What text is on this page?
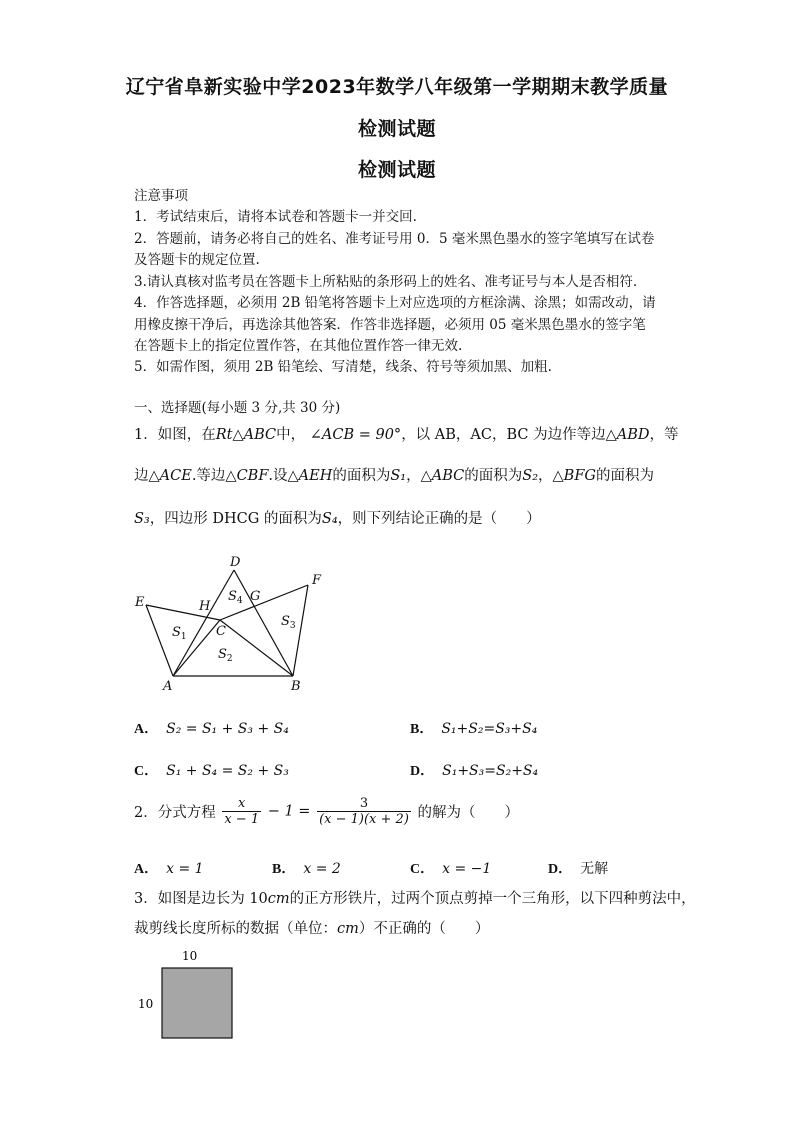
辽宁省阜新实验中学2023年数学八年级第一学期期末教学质量
检测试题
检测试题
注意事项
1．考试结束后，请将本试卷和答题卡一并交回.
2．答题前，请务必将自己的姓名、准考证号用 0．5 毫米黑色墨水的签字笔填写在试卷
及答题卡的规定位置.
3.请认真核对监考员在答题卡上所粘贴的条形码上的姓名、准考证号与本人是否相符.
4．作答选择题，必须用 2B 铅笔将答题卡上对应选项的方框涂满、涂黑；如需改动，请
用橡皮擦干净后，再选涂其他答案．作答非选择题，必须用 05 毫米黑色墨水的签字笔
在答题卡上的指定位置作答，在其他位置作答一律无效.
5．如需作图，须用 2B 铅笔绘、写清楚，线条、符号等须加黑、加粗.
一、选择题(每小题 3 分,共 30 分)
1．如图，在Rt△ABC中， ∠ACB = 90°，以 AB，AC，BC 为边作等边△ABD，等
边△ACE.等边△CBF.设△AEH的面积为S₁，△ABC的面积为S₂，△BFG的面积为
S₃，四边形 DHCG 的面积为S₄，则下列结论正确的是（　　）
D
E
F
H
G
C
A	B
$S_1$
$S_2$
$S_3$
$S_4$
A． S₂ = S₁ + S₃ + S₄	B． S₁+S₂=S₃+S₄
C． S₁ + S₄ = S₂ + S₃	D． S₁+S₃=S₂+S₄
2．分式方程 $\frac{x}{x - 1} - 1 = \frac{3}{(x - 1)(x + 2)}$ 的解为（　　）
A． x = 1	B． x = 2	C． x = −1	D． 无解
3．如图是边长为 10cm的正方形铁片，过两个顶点剪掉一个三角形，以下四种剪法中，
裁剪线长度所标的数据（单位：cm）不正确的（　　）
10
10
